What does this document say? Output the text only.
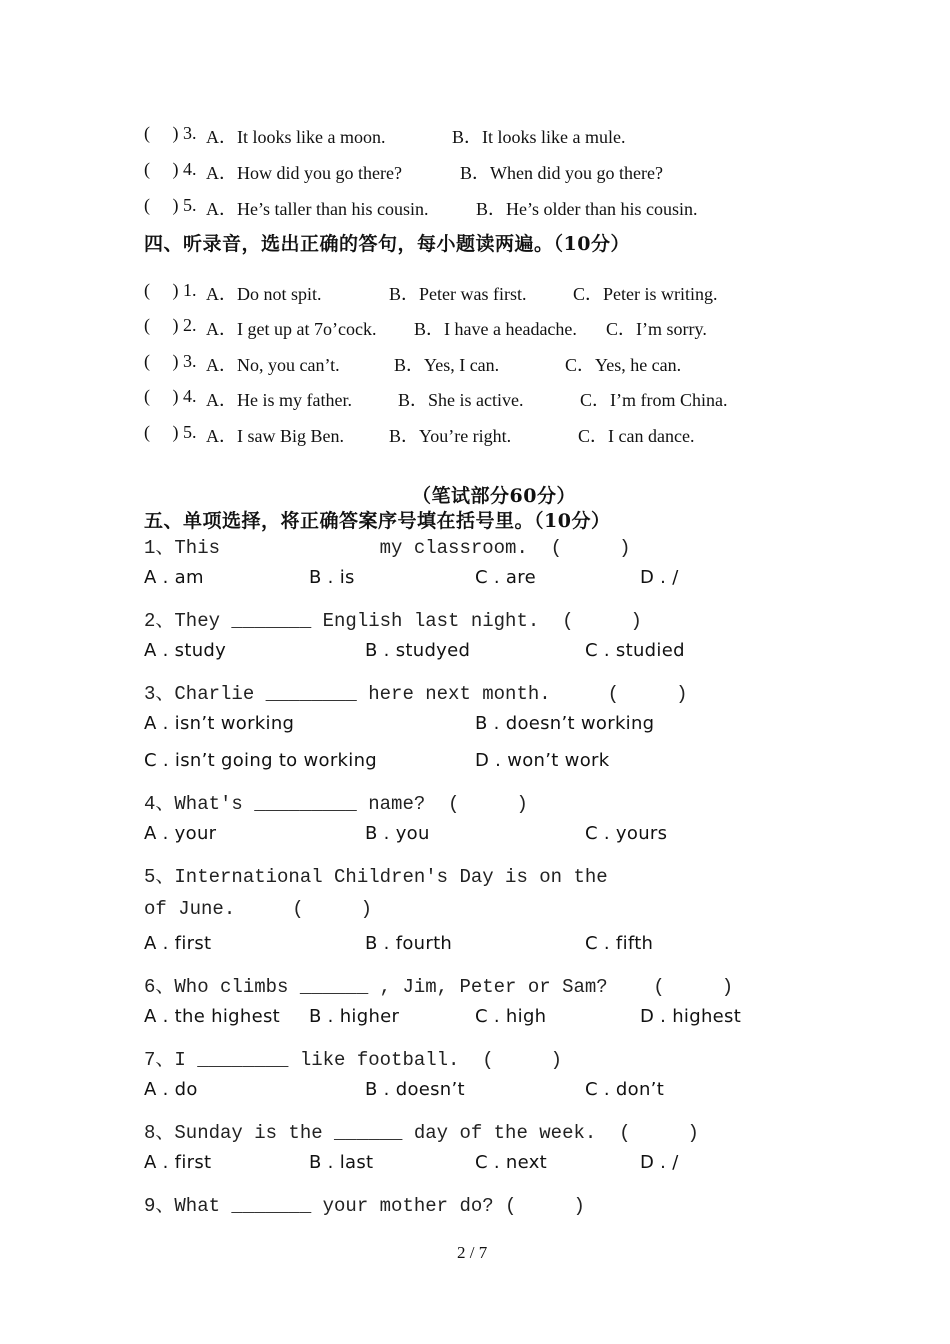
(     ) 3. A．It looks like a moon.	B．It looks like a mule.
(     ) 4. A．How did you go there?	B．When did you go there?
(     ) 5. A．He’s taller than his cousin.	B．He’s older than his cousin.
四、听录音，选出正确的答句，每小题读两遍。（10分）
(     ) 1. A．Do not spit.	B．Peter was first.	C．Peter is writing.
(     ) 2. A．I get up at 7o’cock. B．I have a headache. C．I’m sorry.
(     ) 3. A．No, you can’t.	B．Yes, I can.	C．Yes, he can.
(     ) 4. A．He is my father.	B．She is active.	C．I’m from China.
(     ) 5. A．I saw Big Ben.	B．You’re right.	C．I can dance.
（笔试部分60分）
五、单项选择，将正确答案序号填在括号里。（10分）
1、This              my classroom.  (     )
A . am	B . is	C . are	D . /
2、They _______ English last night.  (     )
A . study	B . studyed	C . studied
3、Charlie ________ here next month.     (     )
A . isn’t working	B . doesn’t working
C . isn’t going to working	D . won’t work
4、What's _________ name?  (     )
A . your	B . you	C . yours
5、International Children's Day is on the
of June.     (     )
A . first	B . fourth	C . fifth
6、Who climbs ______ , Jim, Peter or Sam?    (     )
A . the highest B . higher	C . high	D . highest
7、I ________ like football.  (     )
A . do	B . doesn’t	C . don’t
8、Sunday is the ______ day of the week.  (     )
A . first	B . last	C . next	D . /
9、What _______ your mother do? (     )
2 / 7
